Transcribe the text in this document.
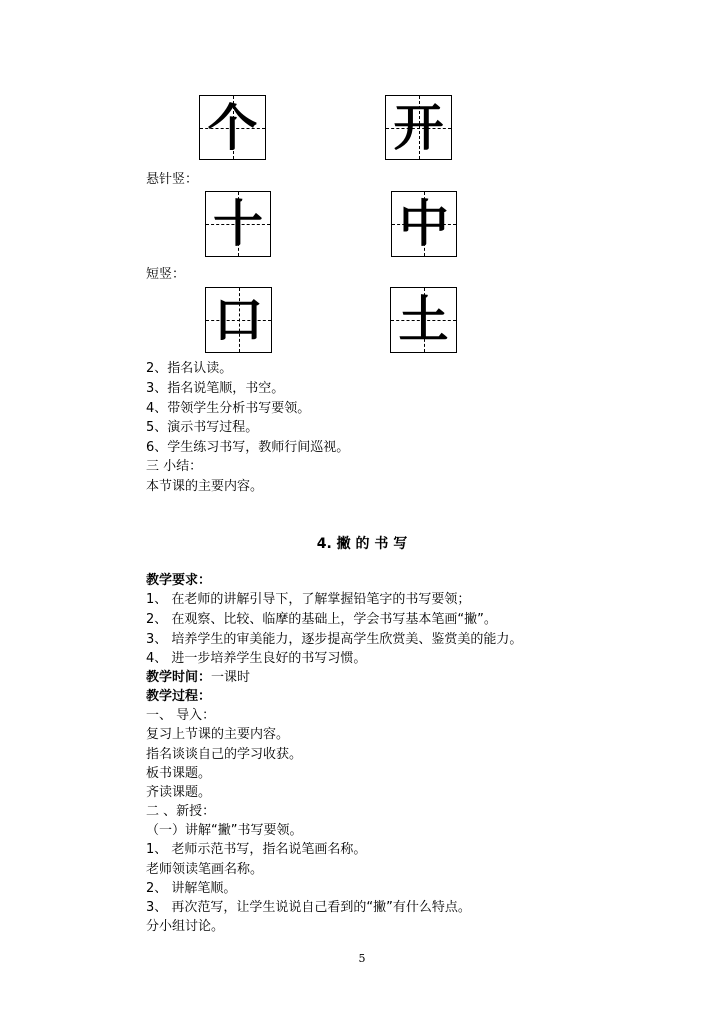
个	开
悬针竖：
十	中
短竖：
口	土
2、指名认读。
3、指名说笔顺，书空。
4、带领学生分析书写要领。
5、演示书写过程。
6、学生练习书写，教师行间巡视。
三 小结：
本节课的主要内容。
4. 撇 的 书 写
教学要求：
1、 在老师的讲解引导下，了解掌握铅笔字的书写要领；
2、 在观察、比较、临摩的基础上，学会书写基本笔画“撇”。
3、 培养学生的审美能力，逐步提高学生欣赏美、鉴赏美的能力。
4、 进一步培养学生良好的书写习惯。
教学时间：一课时
教学过程：
一、 导入：
复习上节课的主要内容。
指名谈谈自己的学习收获。
板书课题。
齐读课题。
二 、新授：
（一）讲解“撇”书写要领。
1、 老师示范书写，指名说笔画名称。
老师领读笔画名称。
2、 讲解笔顺。
3、 再次范写，让学生说说自己看到的“撇”有什么特点。
分小组讨论。
5
